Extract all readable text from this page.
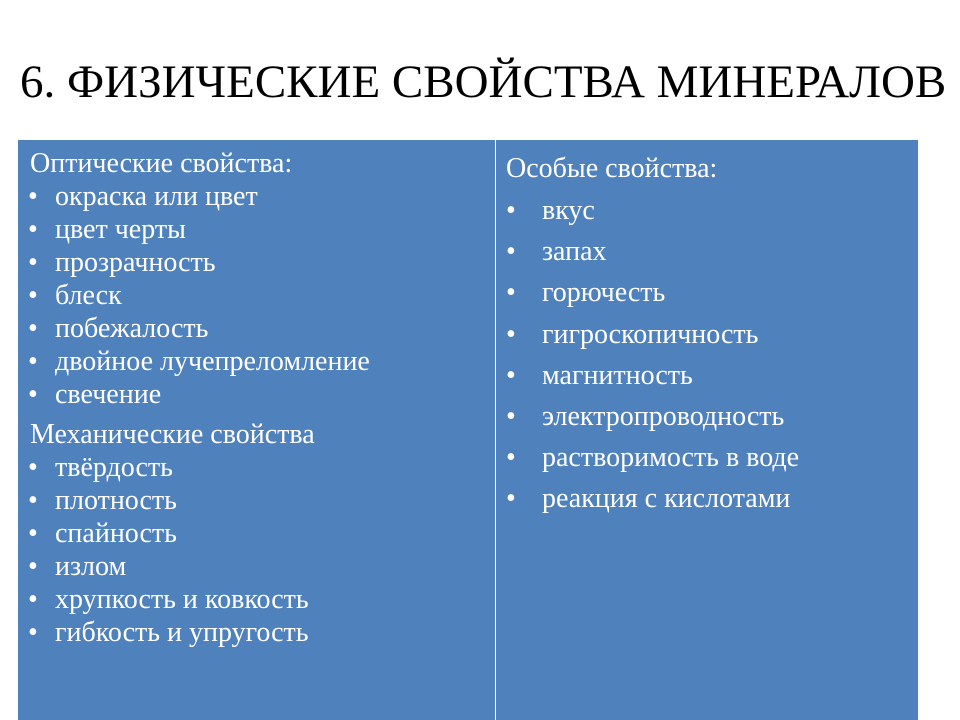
6. ФИЗИЧЕСКИЕ СВОЙСТВА МИНЕРАЛОВ
Оптические свойства:
• окраска или цвет
• цвет черты
• прозрачность
• блеск
• побежалость
• двойное лучепреломление
• свечение
Механические свойства
• твёрдость
• плотность
• спайность
• излом
• хрупкость и ковкость
• гибкость и упругость
Особые свойства:
• вкус
• запах
• горючесть
• гигроскопичность
• магнитность
• электропроводность
• растворимость в воде
• реакция с кислотами
